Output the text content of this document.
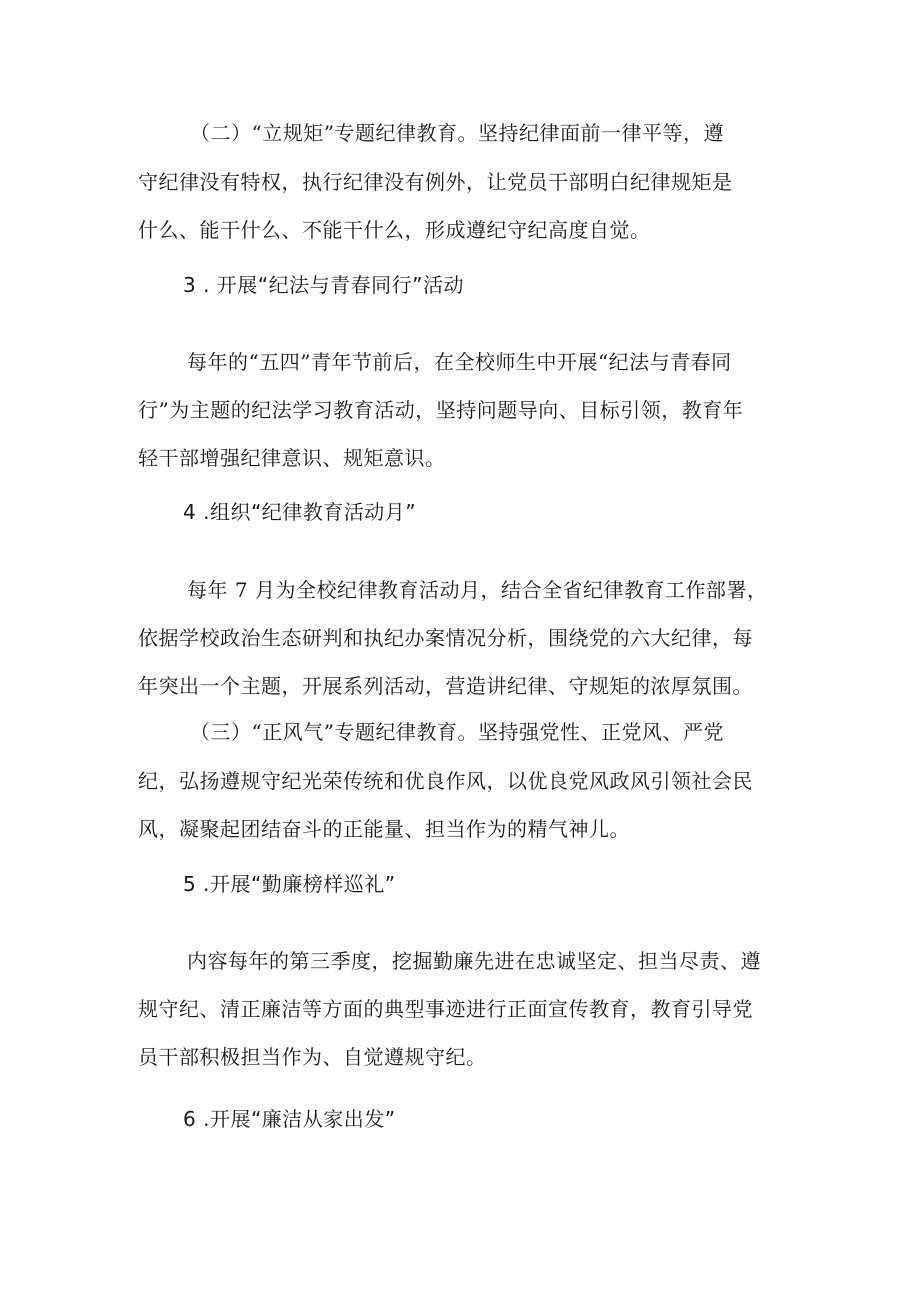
（二）“立规矩”专题纪律教育。坚持纪律面前一律平等，遵
守纪律没有特权，执行纪律没有例外，让党员干部明白纪律规矩是
什么、能干什么、不能干什么，形成遵纪守纪高度自觉。
3 . 开展“纪法与青春同行”活动
每年的“五四”青年节前后，在全校师生中开展“纪法与青春同
行”为主题的纪法学习教育活动，坚持问题导向、目标引领，教育年
轻干部增强纪律意识、规矩意识。
4 .组织“纪律教育活动月”
每年 7 月为全校纪律教育活动月，结合全省纪律教育工作部署，
依据学校政治生态研判和执纪办案情况分析，围绕党的六大纪律，每
年突出一个主题，开展系列活动，营造讲纪律、守规矩的浓厚氛围。
（三）“正风气”专题纪律教育。坚持强党性、正党风、严党
纪，弘扬遵规守纪光荣传统和优良作风，以优良党风政风引领社会民
风，凝聚起团结奋斗的正能量、担当作为的精气神儿。
5 .开展“勤廉榜样巡礼”
内容每年的第三季度，挖掘勤廉先进在忠诚坚定、担当尽责、遵
规守纪、清正廉洁等方面的典型事迹进行正面宣传教育，教育引导党
员干部积极担当作为、自觉遵规守纪。
6 .开展“廉洁从家出发”
